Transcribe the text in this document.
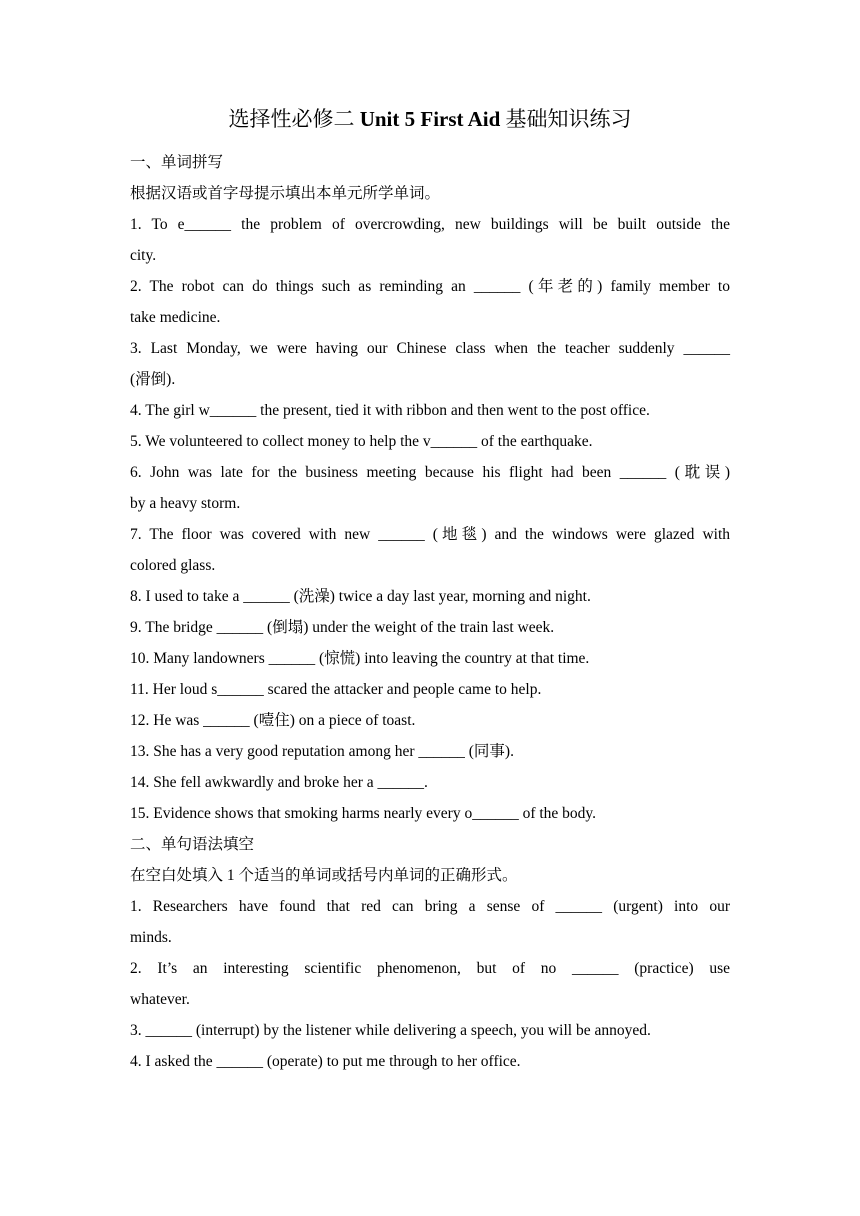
选择性必修二 Unit 5 First Aid 基础知识练习
一、单词拼写
根据汉语或首字母提示填出本单元所学单词。
1. To e______ the problem of overcrowding, new buildings will be built outside the
city.
2. The robot can do things such as reminding an ______ (年老的) family member to
take medicine.
3. Last Monday, we were having our Chinese class when the teacher suddenly ______
(滑倒).
4. The girl w______ the present, tied it with ribbon and then went to the post office.
5. We volunteered to collect money to help the v______ of the earthquake.
6. John was late for the business meeting because his flight had been ______ (耽误)
by a heavy storm.
7. The floor was covered with new ______ (地毯) and the windows were glazed with
colored glass.
8. I used to take a ______ (洗澡) twice a day last year, morning and night.
9. The bridge ______ (倒塌) under the weight of the train last week.
10. Many landowners ______ (惊慌) into leaving the country at that time.
11. Her loud s______ scared the attacker and people came to help.
12. He was ______ (噎住) on a piece of toast.
13. She has a very good reputation among her ______ (同事).
14. She fell awkwardly and broke her a ______.
15. Evidence shows that smoking harms nearly every o______ of the body.
二、单句语法填空
在空白处填入 1 个适当的单词或括号内单词的正确形式。
1. Researchers have found that red can bring a sense of ______ (urgent) into our
minds.
2. It’s an interesting scientific phenomenon, but of no ______ (practice) use
whatever.
3. ______ (interrupt) by the listener while delivering a speech, you will be annoyed.
4. I asked the ______ (operate) to put me through to her office.
